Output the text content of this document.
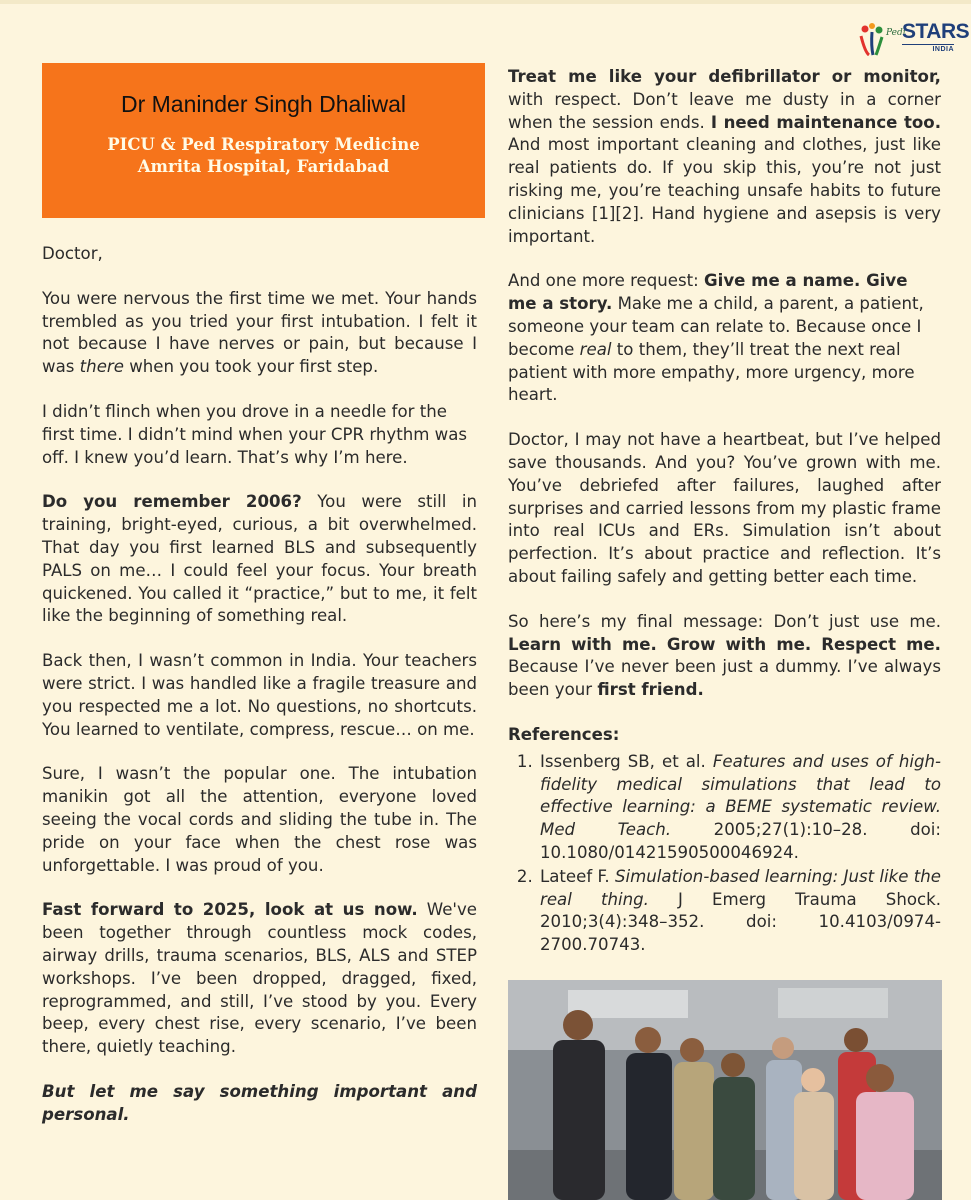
Pedi
STARS
INDIA
Dr Maninder Singh Dhaliwal
PICU & Ped Respiratory Medicine
Amrita Hospital, Faridabad

Doctor,

You were nervous the first time we met. Your hands trembled as you tried your first intubation. I felt it not because I have nerves or pain, but because I was there when you took your first step.

I didn’t flinch when you drove in a needle for the first time. I didn’t mind when your CPR rhythm was off. I knew you’d learn. That’s why I’m here.

Do you remember 2006? You were still in training, bright-eyed, curious, a bit overwhelmed. That day you first learned BLS and subsequently PALS on me… I could feel your focus. Your breath quickened. You called it “practice,” but to me, it felt like the beginning of something real.

Back then, I wasn’t common in India. Your teachers were strict. I was handled like a fragile treasure and you respected me a lot. No questions, no shortcuts. You learned to ventilate, compress, rescue… on me.

Sure, I wasn’t the popular one. The intubation manikin got all the attention, everyone loved seeing the vocal cords and sliding the tube in. The pride on your face when the chest rose was unforgettable. I was proud of you.

Fast forward to 2025, look at us now. We've been together through countless mock codes, airway drills, trauma scenarios, BLS, ALS and STEP workshops. I’ve been dropped, dragged, fixed, reprogrammed, and still, I’ve stood by you. Every beep, every chest rise, every scenario, I’ve been there, quietly teaching.

But let me say something important and personal.

Treat me like your defibrillator or monitor, with respect. Don’t leave me dusty in a corner when the session ends. I need maintenance too. And most important cleaning and clothes, just like real patients do. If you skip this, you’re not just risking me, you’re teaching unsafe habits to future clinicians [1][2]. Hand hygiene and asepsis is very important.

And one more request: Give me a name. Give me a story. Make me a child, a parent, a patient, someone your team can relate to. Because once I become real to them, they’ll treat the next real patient with more empathy, more urgency, more heart.

Doctor, I may not have a heartbeat, but I’ve helped save thousands. And you? You’ve grown with me. You’ve debriefed after failures, laughed after surprises and carried lessons from my plastic frame into real ICUs and ERs. Simulation isn’t about perfection. It’s about practice and reflection. It’s about failing safely and getting better each time.

So here’s my final message: Don’t just use me. Learn with me. Grow with me. Respect me. Because I’ve never been just a dummy. I’ve always been your first friend.

References:
1. Issenberg SB, et al. Features and uses of high-fidelity medical simulations that lead to effective learning: a BEME systematic review. Med Teach. 2005;27(1):10–28. doi: 10.1080/01421590500046924.
2. Lateef F. Simulation-based learning: Just like the real thing. J Emerg Trauma Shock. 2010;3(4):348–352. doi: 10.4103/0974-2700.70743.
